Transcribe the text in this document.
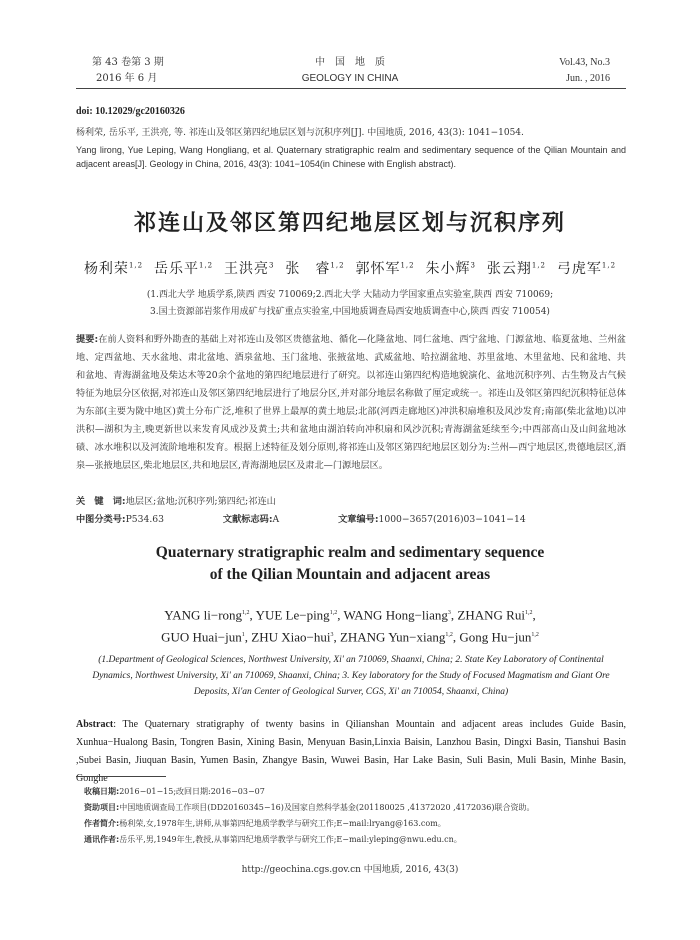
第 43 卷第 3 期
2016 年 6 月
中　国　地　质
GEOLOGY IN CHINA
Vol.43, No.3
Jun. , 2016
doi: 10.12029/gc20160326
杨利荣, 岳乐平, 王洪亮, 等. 祁连山及邻区第四纪地层区划与沉积序列[J]. 中国地质, 2016, 43(3): 1041−1054.
Yang lirong, Yue Leping, Wang Hongliang, et al. Quaternary stratigraphic realm and sedimentary sequence of the Qilian Mountain and adjacent areas[J]. Geology in China, 2016, 43(3): 1041−1054(in Chinese with English abstract).
祁连山及邻区第四纪地层区划与沉积序列
杨利荣$^{1,2}$ 岳乐平$^{1,2}$ 王洪亮$^3$ 张　睿$^{1,2}$ 郭怀军$^{1,2}$ 朱小辉$^3$ 张云翔$^{1,2}$ 弓虎军$^{1,2}$
(1.西北大学 地质学系,陕西 西安 710069;2.西北大学 大陆动力学国家重点实验室,陕西 西安 710069;
3.国土资源部岩浆作用成矿与找矿重点实验室,中国地质调查局西安地质调查中心,陕西 西安 710054)
提要:在前人资料和野外勘查的基础上对祁连山及邻区贵德盆地、循化—化隆盆地、同仁盆地、西宁盆地、门源盆地、临夏盆地、兰州盆地、定西盆地、天水盆地、肃北盆地、酒泉盆地、玉门盆地、张掖盆地、武威盆地、哈拉湖盆地、苏里盆地、木里盆地、民和盆地、共和盆地、青海湖盆地及柴达木等20余个盆地的第四纪地层进行了研究。以祁连山第四纪构造地貌演化、盆地沉积序列、古生物及古气候特征为地层分区依据,对祁连山及邻区第四纪地层进行了地层分区,并对部分地层名称做了厘定或统一。祁连山及邻区第四纪沉积特征总体为东部(主要为陇中地区)黄土分布广泛,堆积了世界上最厚的黄土地层;北部(河西走廊地区)冲洪积扇堆积及风沙发育;南部(柴北盆地)以冲洪积—湖积为主,晚更新世以来发育风成沙及黄土;共和盆地由湖泊转向冲积扇和风沙沉积;青海湖盆延续至今;中西部高山及山间盆地冰碛、冰水堆积以及河流阶地堆积发育。根据上述特征及划分原则,将祁连山及邻区第四纪地层区划分为:兰州—西宁地层区,贵德地层区,酒泉—张掖地层区,柴北地层区,共和地层区,青海湖地层区及肃北—门源地层区。
关　键　词:地层区;盆地;沉积序列;第四纪;祁连山
中图分类号:P534.63	文献标志码:A	文章编号:1000−3657(2016)03−1041−14
Quaternary stratigraphic realm and sedimentary sequence of the Qilian Mountain and adjacent areas
YANG li−rong$^{1,2}$, YUE Le−ping$^{1,2}$, WANG Hong−liang$^3$, ZHANG Rui$^{1,2}$,
GUO Huai−jun$^1$, ZHU Xiao−hui$^3$, ZHANG Yun−xiang$^{1,2}$, Gong Hu−jun$^{1,2}$
(1.Department of Geological Sciences, Northwest University, Xi' an 710069, Shaanxi, China; 2. State Key Laboratory of Continental Dynamics, Northwest University, Xi' an 710069, Shaanxi, China; 3. Key laboratory for the Study of Focused Magmatism and Giant Ore Deposits, Xi'an Center of Geological Surver, CGS, Xi' an 710054, Shaanxi, China)
Abstract: The Quaternary stratigraphy of twenty basins in Qilianshan Mountain and adjacent areas includes Guide Basin, Xunhua−Hualong Basin, Tongren Basin, Xining Basin, Menyuan Basin,Linxia Baisin, Lanzhou Basin, Dingxi Basin, Tianshui Basin ,Subei Basin, Jiuquan Basin, Yumen Basin, Zhangye Basin, Wuwei Basin, Har Lake Basin, Suli Basin, Muli Basin, Minhe Basin, Gonghe
收稿日期:2016−01−15;改回日期:2016−03−07
资助项目:中国地质调查局工作项目(DD20160345−16)及国家自然科学基金(201180025 ,41372020 ,4172036)联合资助。
作者简介:杨利荣,女,1978年生,讲师,从事第四纪地质学教学与研究工作;E−mail:lryang@163.com。
通讯作者:岳乐平,男,1949年生,教授,从事第四纪地质学教学与研究工作;E−mail:yleping@nwu.edu.cn。
http://geochina.cgs.gov.cn 中国地质, 2016, 43(3)
